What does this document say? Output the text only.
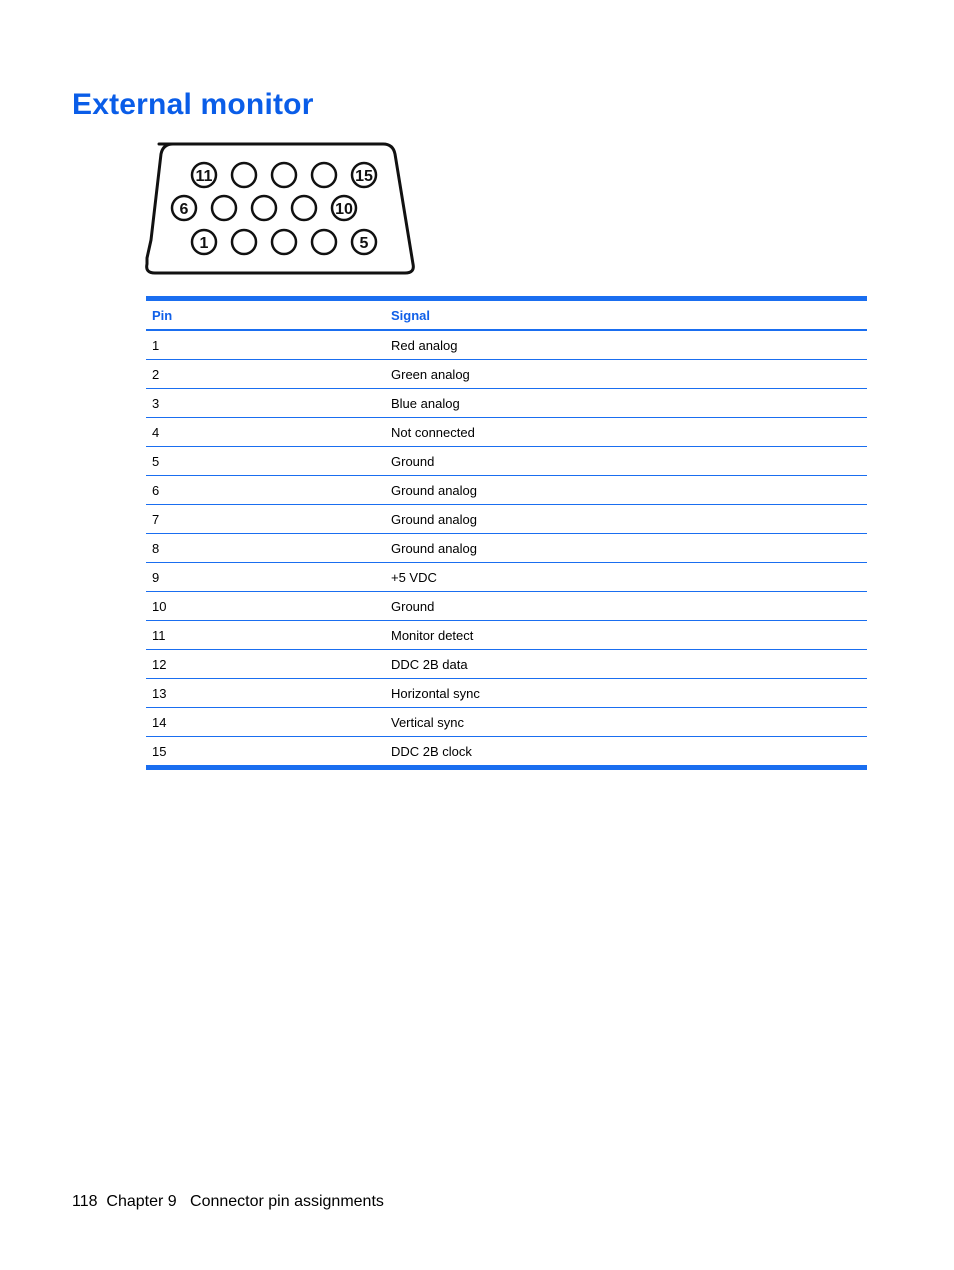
External monitor
11	15
6	10
1	5
Pin	Signal
1	Red analog
2	Green analog
3	Blue analog
4	Not connected
5	Ground
6	Ground analog
7	Ground analog
8	Ground analog
9	+5 VDC
10	Ground
11	Monitor detect
12	DDC 2B data
13	Horizontal sync
14	Vertical sync
15	DDC 2B clock
118 Chapter 9 Connector pin assignments
